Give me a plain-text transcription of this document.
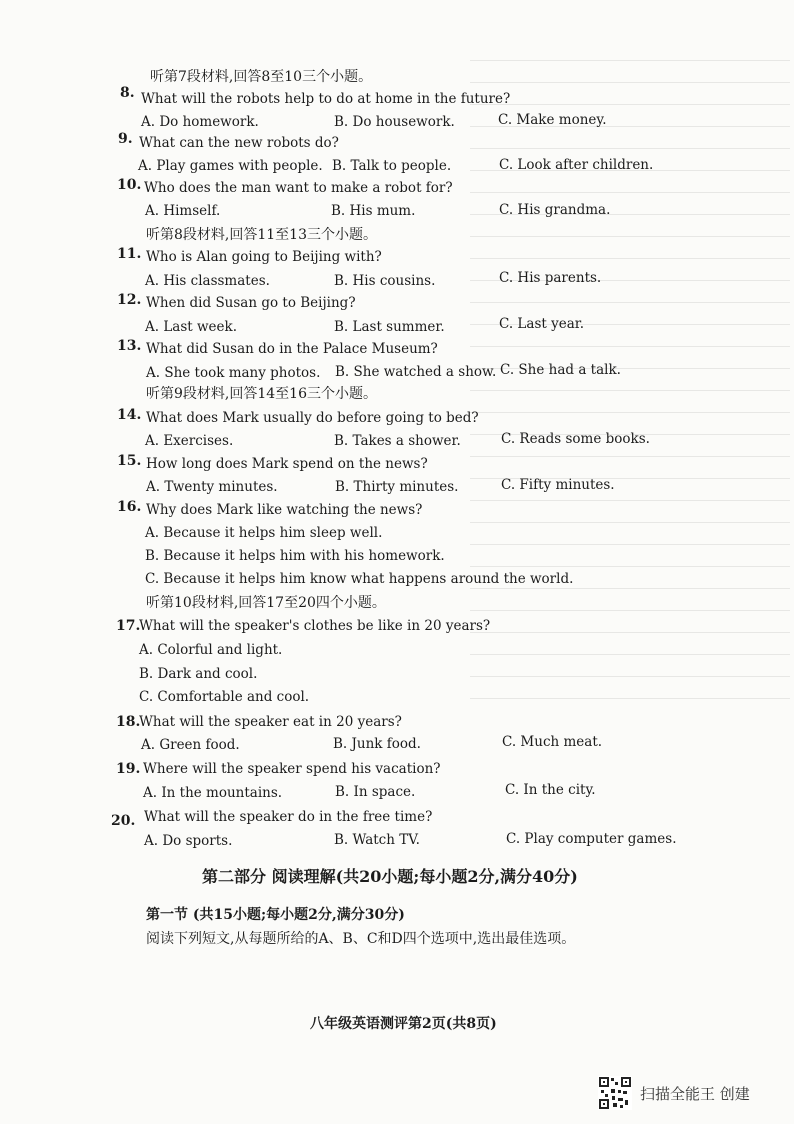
听第7段材料,回答8至10三个小题。
8. What will the robots help to do at home in the future?
A. Do homework.	B. Do housework.	C. Make money.
9. What can the new robots do?
A. Play games with people. B. Talk to people.	C. Look after children.
10. Who does the man want to make a robot for?
A. Himself.	B. His mum.	C. His grandma.
听第8段材料,回答11至13三个小题。
11. Who is Alan going to Beijing with?
A. His classmates.	B. His cousins.	C. His parents.
12. When did Susan go to Beijing?
A. Last week.	B. Last summer.	C. Last year.
13. What did Susan do in the Palace Museum?
A. She took many photos. B. She watched a show. C. She had a talk.
听第9段材料,回答14至16三个小题。
14. What does Mark usually do before going to bed?
A. Exercises.	B. Takes a shower.	C. Reads some books.
15. How long does Mark spend on the news?
A. Twenty minutes.	B. Thirty minutes.	C. Fifty minutes.
16. Why does Mark like watching the news?
A. Because it helps him sleep well.
B. Because it helps him with his homework.
C. Because it helps him know what happens around the world.
听第10段材料,回答17至20四个小题。
17.
What will the speaker's clothes be like in 20 years?
A. Colorful and light.
B. Dark and cool.
C. Comfortable and cool.
18.
What will the speaker eat in 20 years?
A. Green food.	B. Junk food.	C. Much meat.
19. Where will the speaker spend his vacation?
A. In the mountains.	B. In space.	C. In the city.
20. What will the speaker do in the free time?
A. Do sports.	B. Watch TV.	C. Play computer games.
第二部分 阅读理解(共20小题;每小题2分,满分40分)
第一节 (共15小题;每小题2分,满分30分)
阅读下列短文,从每题所给的A、B、C和D四个选项中,选出最佳选项。
八年级英语测评第2页(共8页)
扫描全能王 创建
